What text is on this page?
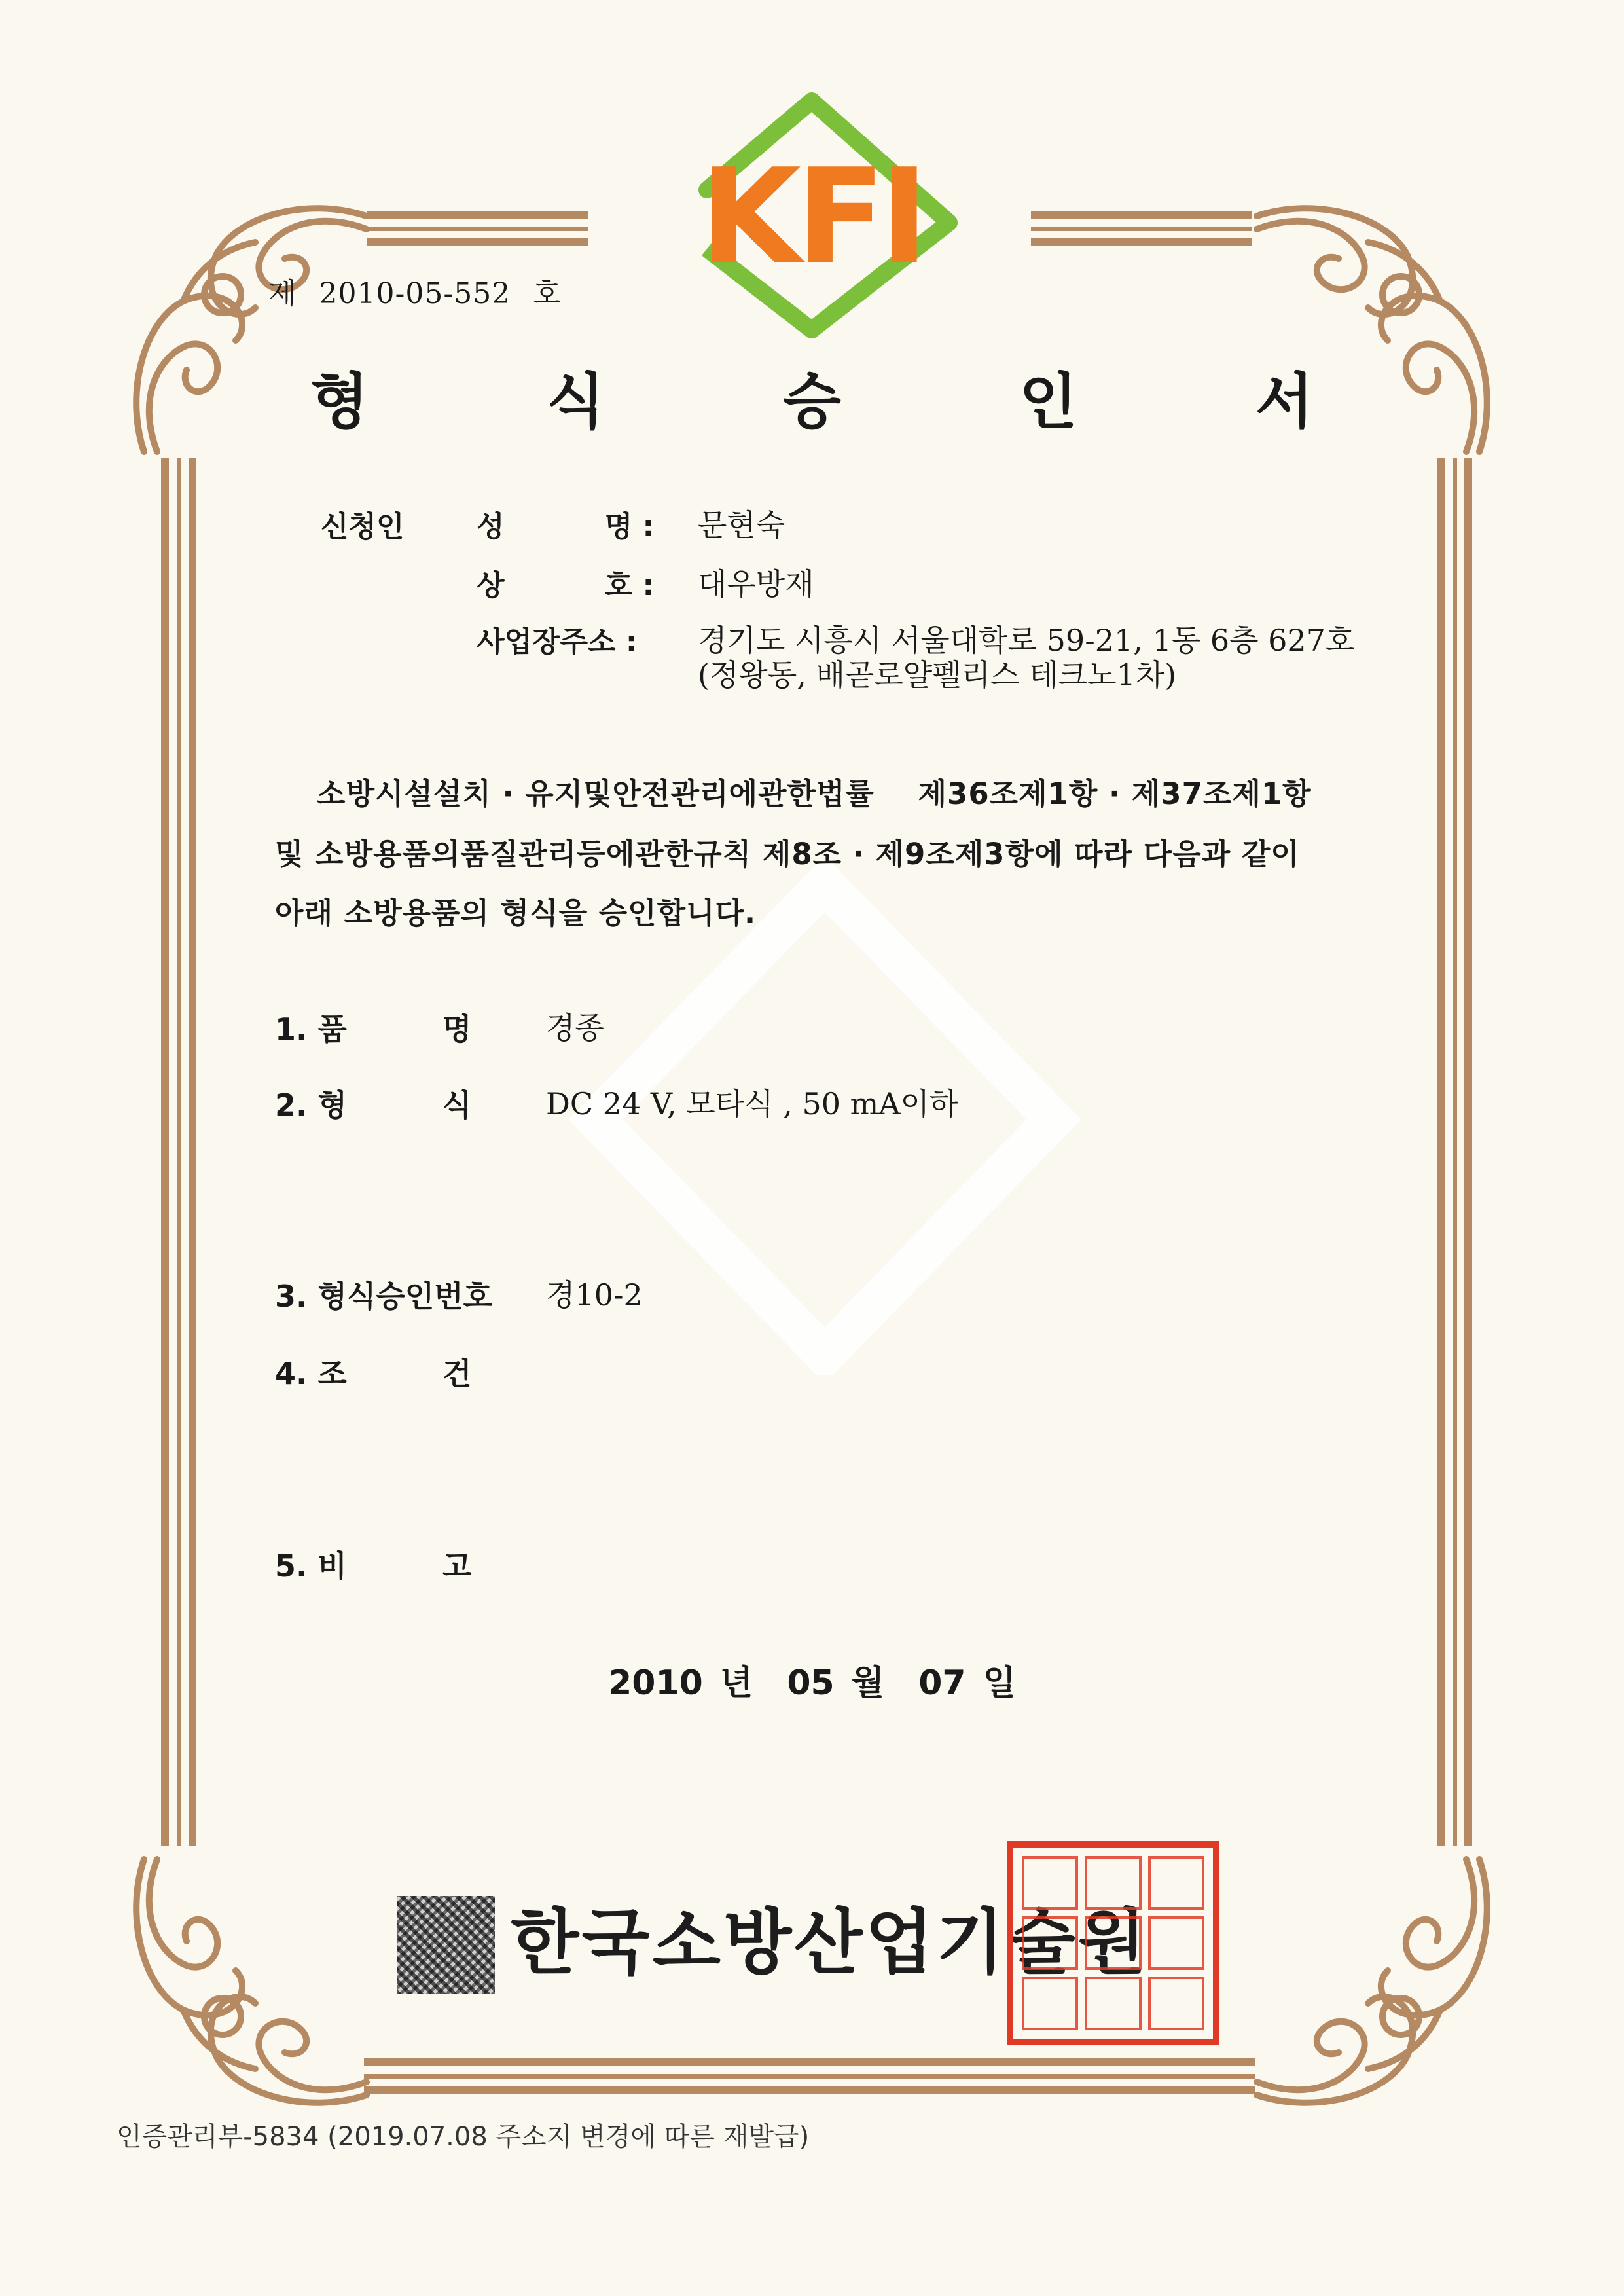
KFI
제 2010-05-552 호
형 식 승 인 서
신청인	성          명 : 문현숙
상          호 : 대우방재
사업장주소 : 경기도 시흥시 서울대학로 59-21, 1동 6층 627호
(정왕동, 배곧로얄펠리스 테크노1차)
소방시설설치 · 유지및안전관리에관한법률    제36조제1항 · 제37조제1항
및 소방용품의품질관리등에관한규칙 제8조 · 제9조제3항에 따라 다음과 같이
아래 소방용품의 형식을 승인합니다.
1. 품	명 경종
2. 형	식 DC 24 V, 모타식 , 50 mA이하
3. 형식승인번호 경10-2
4. 조	건
5. 비	고
2010 년  05 월  07 일
한국소방산업기술원
인증관리부-5834 (2019.07.08 주소지 변경에 따른 재발급)
